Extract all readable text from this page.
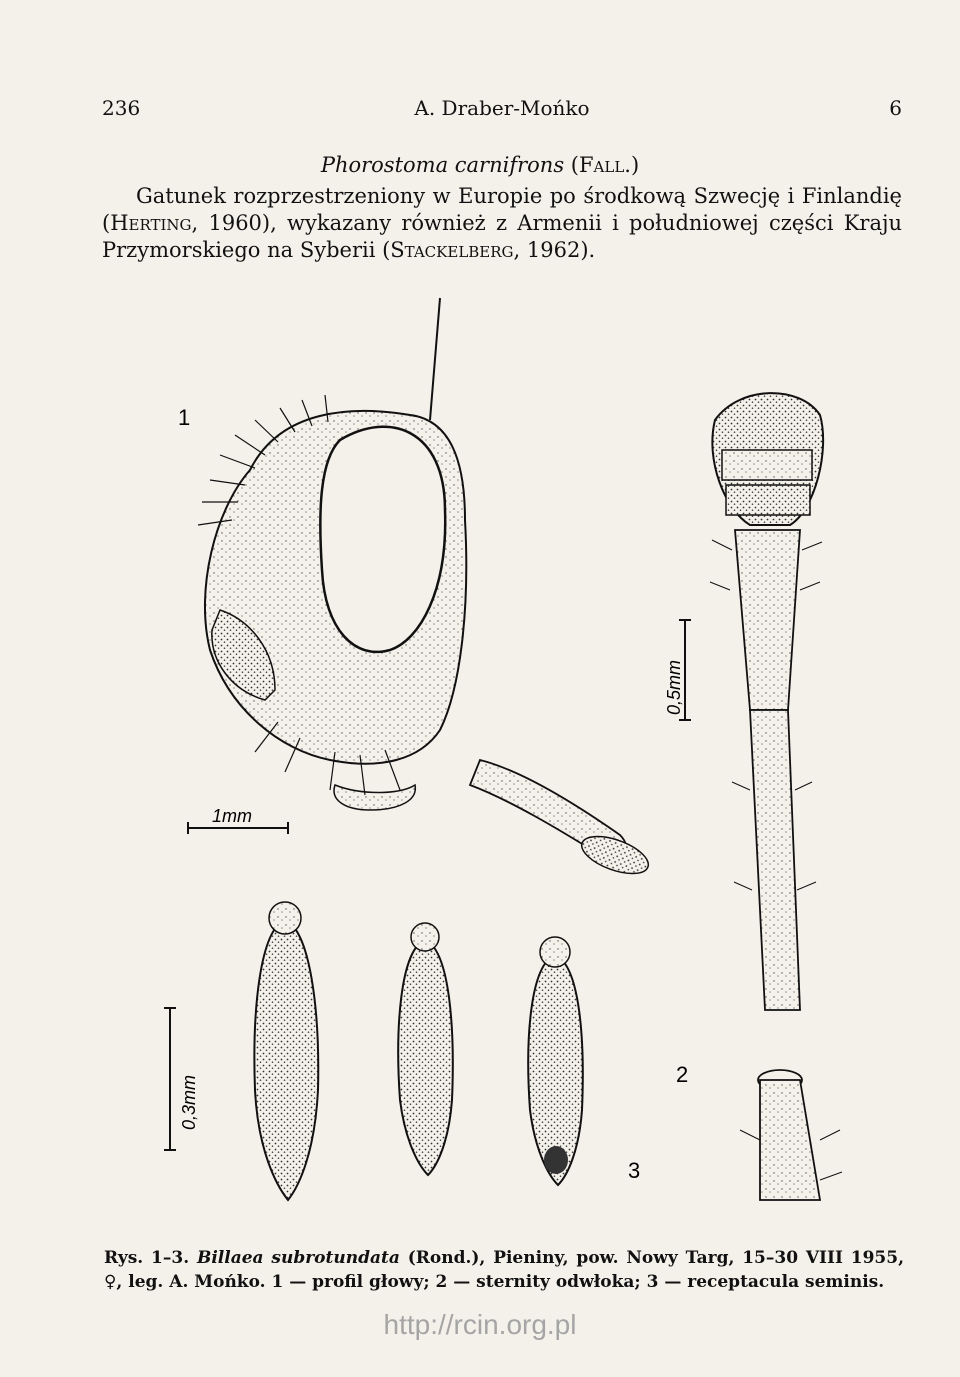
236	A. Draber-Mońko	6
Phorostoma carnifrons (Fall.)

Gatunek rozprzestrzeniony w Europie po środkową Szwecję i Finlandię (Herting, 1960), wykazany również z Armenii i południowej części Kraju Przymorskiego na Syberii (Stackelberg, 1962).

1
1mm
2
0,5mm
3
0,3mm
Rys. 1–3. Billaea subrotundata (Rond.), Pieniny, pow. Nowy Targ, 15–30 VIII 1955, ♀, leg. A. Mońko. 1 — profil głowy; 2 — sternity odwłoka; 3 — receptacula seminis.
http://rcin.org.pl
